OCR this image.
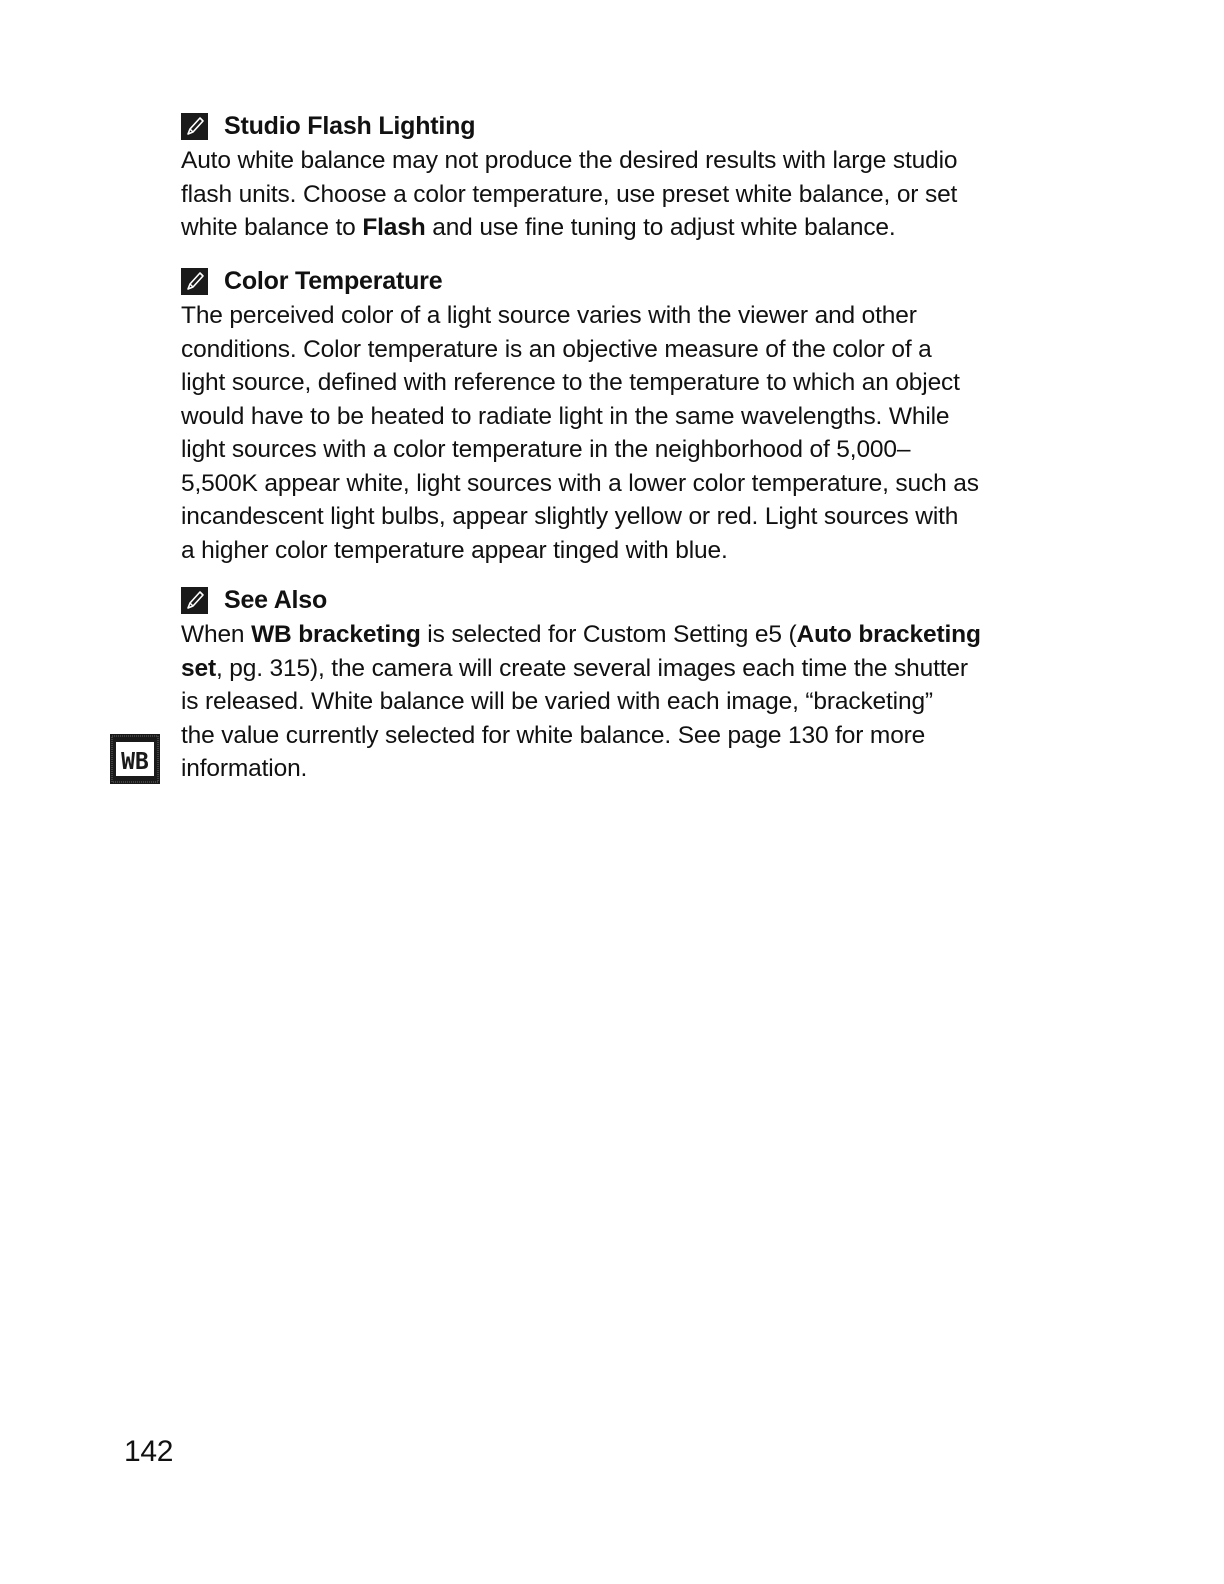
Studio Flash Lighting

Auto white balance may not produce the desired results with large studio
flash units. Choose a color temperature, use preset white balance, or set
white balance to Flash and use fine tuning to adjust white balance.

Color Temperature

The perceived color of a light source varies with the viewer and other
conditions. Color temperature is an objective measure of the color of a
light source, defined with reference to the temperature to which an object
would have to be heated to radiate light in the same wavelengths. While
light sources with a color temperature in the neighborhood of 5,000–
5,500K appear white, light sources with a lower color temperature, such as
incandescent light bulbs, appear slightly yellow or red. Light sources with
a higher color temperature appear tinged with blue.

See Also

When WB bracketing is selected for Custom Setting e5 (Auto bracketing
set, pg. 315), the camera will create several images each time the shutter
is released. White balance will be varied with each image, “bracketing”
the value currently selected for white balance. See page 130 for more
information.

WB
142
